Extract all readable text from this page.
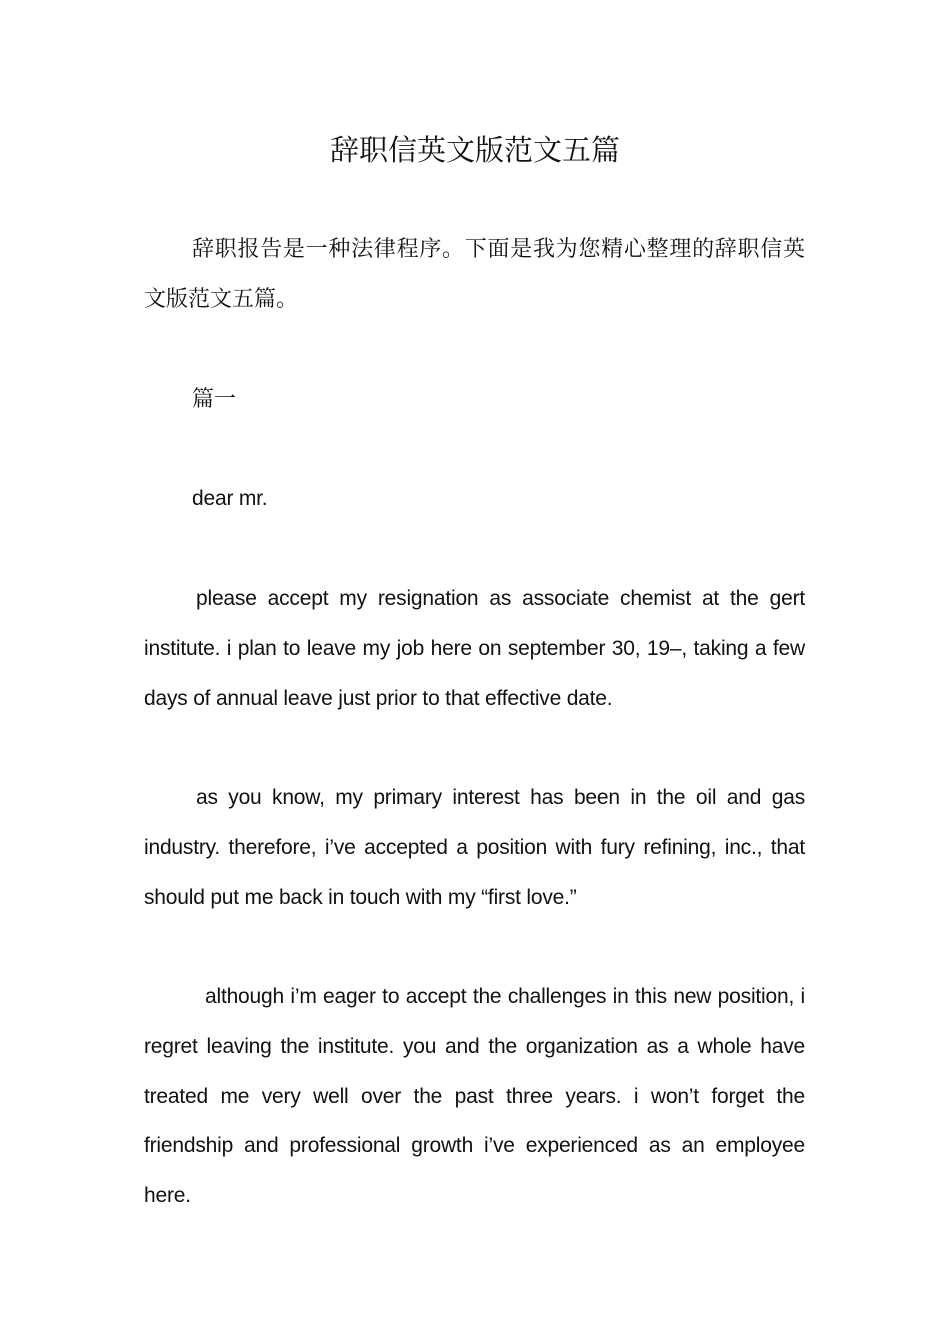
辞职信英文版范文五篇

辞职报告是一种法律程序。下面是我为您精心整理的辞职信英文版范文五篇。

篇一

dear mr.

please accept my resignation as associate chemist at the gert institute. i plan to leave my job here on september 30, 19–, taking a few days of annual leave just prior to that effective date.

as you know, my primary interest has been in the oil and gas industry. therefore, i’ve accepted a position with fury refining, inc., that should put me back in touch with my “first love.”

although i’m eager to accept the challenges in this new position, i regret leaving the institute. you and the organization as a whole have treated me very well over the past three years. i won’t forget the friendship and professional growth i’ve experienced as an employee here.
